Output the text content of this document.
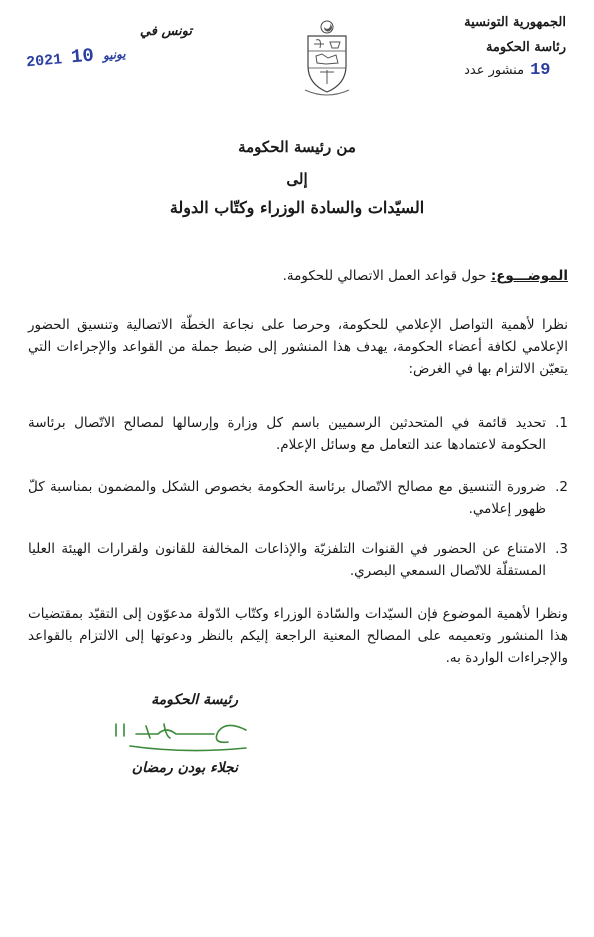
الجمهورية التونسية
رئاسة الحكومة
منشور عدد 19
تونس في
2021	يونيو 10
من رئيسة الحكومة
إلى
السيّدات والسادة الوزراء وكتّاب الدولة
الموضـــوع: حول قواعد العمل الاتصالي للحكومة.
نظرا لأهمية التواصل الإعلامي للحكومة، وحرصا على نجاعة الخطّة الاتصالية وتنسيق الحضور الإعلامي لكافة أعضاء الحكومة، يهدف هذا المنشور إلى ضبط جملة من القواعد والإجراءات التي يتعيّن الالتزام بها في الغرض:
1.
تحديد قائمة في المتحدثين الرسميين باسم كل وزارة وإرسالها لمصالح الاتّصال برئاسة الحكومة لاعتمادها عند التعامل مع وسائل الإعلام.
2.
ضرورة التنسيق مع مصالح الاتّصال برئاسة الحكومة بخصوص الشكل والمضمون بمناسبة كلّ ظهور إعلامي.
3.
الامتناع عن الحضور في القنوات التلفزيّة والإذاعات المخالفة للقانون ولقرارات الهيئة العليا المستقلّة للاتّصال السمعي البصري.
ونظرا لأهمية الموضوع فإن السيّدات والسّادة الوزراء وكتّاب الدّولة مدعوّون إلى التقيّد بمقتضيات هذا المنشور وتعميمه على المصالح المعنية الراجعة إليكم بالنظر ودعوتها إلى الالتزام بالقواعد والإجراءات الواردة به.
رئيسة الحكومة
نجلاء بودن رمضان
